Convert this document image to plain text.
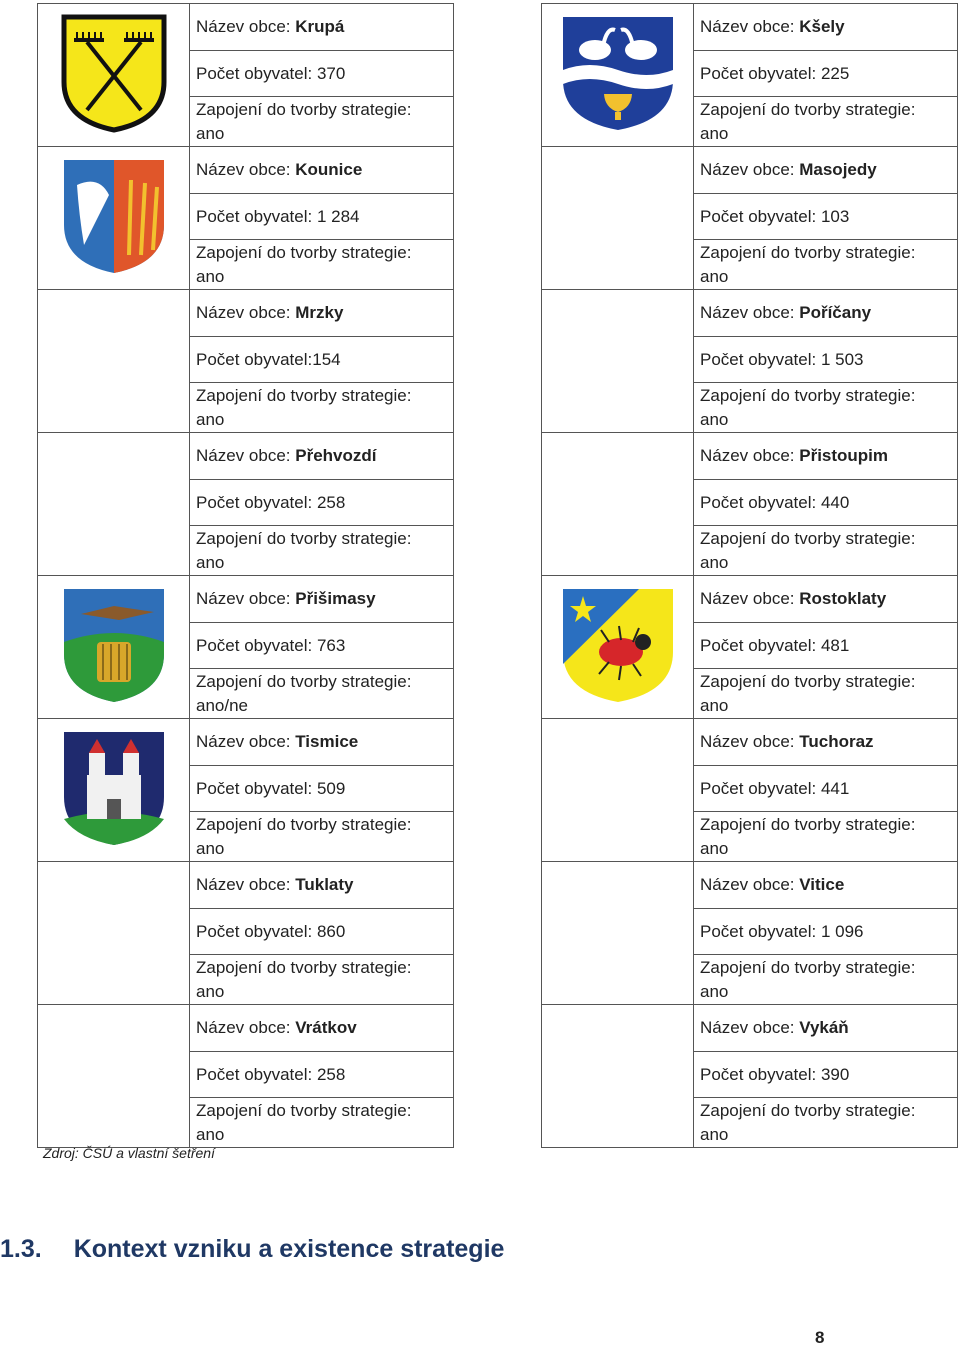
Název obce: Krupá
Počet obyvatel: 370
Zapojení do tvorby strategie:
ano
Název obce: Kounice
Počet obyvatel: 1 284
Zapojení do tvorby strategie:
ano
Název obce: Mrzky
Počet obyvatel:154
Zapojení do tvorby strategie:
ano
Název obce: Přehvozdí
Počet obyvatel: 258
Zapojení do tvorby strategie:
ano
Název obce: Přišimasy
Počet obyvatel: 763
Zapojení do tvorby strategie:
ano/ne
Název obce: Tismice
Počet obyvatel: 509
Zapojení do tvorby strategie:
ano
Název obce: Tuklaty
Počet obyvatel: 860
Zapojení do tvorby strategie:
ano
Název obce: Vrátkov
Počet obyvatel: 258
Zapojení do tvorby strategie:
ano
Název obce: Kšely
Počet obyvatel: 225
Zapojení do tvorby strategie:
ano
Název obce: Masojedy
Počet obyvatel: 103
Zapojení do tvorby strategie:
ano
Název obce: Poříčany
Počet obyvatel: 1 503
Zapojení do tvorby strategie:
ano
Název obce: Přistoupim
Počet obyvatel: 440
Zapojení do tvorby strategie:
ano
Název obce: Rostoklaty
Počet obyvatel: 481
Zapojení do tvorby strategie:
ano
Název obce: Tuchoraz
Počet obyvatel: 441
Zapojení do tvorby strategie:
ano
Název obce: Vitice
Počet obyvatel: 1 096
Zapojení do tvorby strategie:
ano
Název obce: Vykáň
Počet obyvatel: 390
Zapojení do tvorby strategie:
ano
Zdroj: ČSÚ a vlastní šetření
1.3. Kontext vzniku a existence strategie
8
